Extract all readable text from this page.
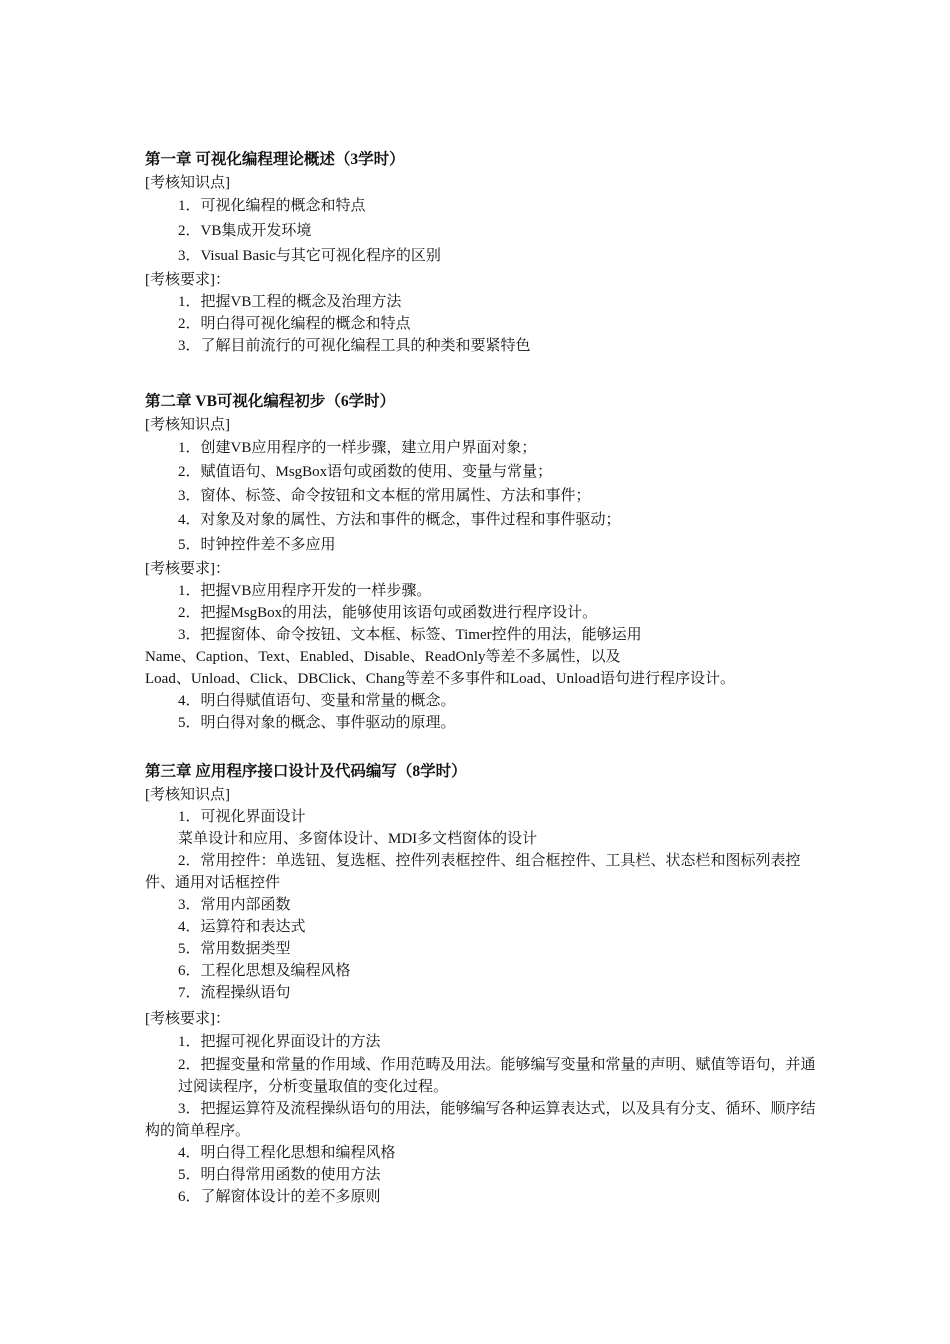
第一章 可视化编程理论概述（3学时）
[考核知识点]
1．可视化编程的概念和特点
2．VB集成开发环境
3．Visual Basic与其它可视化程序的区别
[考核要求]：
1．把握VB工程的概念及治理方法
2．明白得可视化编程的概念和特点
3．了解目前流行的可视化编程工具的种类和要紧特色
第二章 VB可视化编程初步（6学时）
[考核知识点]
1．创建VB应用程序的一样步骤，建立用户界面对象；
2．赋值语句、MsgBox语句或函数的使用、变量与常量；
3．窗体、标签、命令按钮和文本框的常用属性、方法和事件；
4．对象及对象的属性、方法和事件的概念，事件过程和事件驱动；
5．时钟控件差不多应用
[考核要求]：
1．把握VB应用程序开发的一样步骤。
2．把握MsgBox的用法，能够使用该语句或函数进行程序设计。
3．把握窗体、命令按钮、文本框、标签、Timer控件的用法，能够运用
Name、Caption、Text、Enabled、Disable、ReadOnly等差不多属性，以及
Load、Unload、Click、DBClick、Chang等差不多事件和Load、Unload语句进行程序设计。
4．明白得赋值语句、变量和常量的概念。
5．明白得对象的概念、事件驱动的原理。
第三章 应用程序接口设计及代码编写（8学时）
[考核知识点]
1．可视化界面设计
菜单设计和应用、多窗体设计、MDI多文档窗体的设计
2．常用控件：单选钮、复选框、控件列表框控件、组合框控件、工具栏、状态栏和图标列表控件、通用对话框控件
3．常用内部函数
4．运算符和表达式
5．常用数据类型
6．工程化思想及编程风格
7．流程操纵语句
[考核要求]：
1．把握可视化界面设计的方法
2．把握变量和常量的作用域、作用范畴及用法。能够编写变量和常量的声明、赋值等语句，并通过阅读程序，分析变量取值的变化过程。
3．把握运算符及流程操纵语句的用法，能够编写各种运算表达式，以及具有分支、循环、顺序结构的简单程序。
4．明白得工程化思想和编程风格
5．明白得常用函数的使用方法
6．了解窗体设计的差不多原则
